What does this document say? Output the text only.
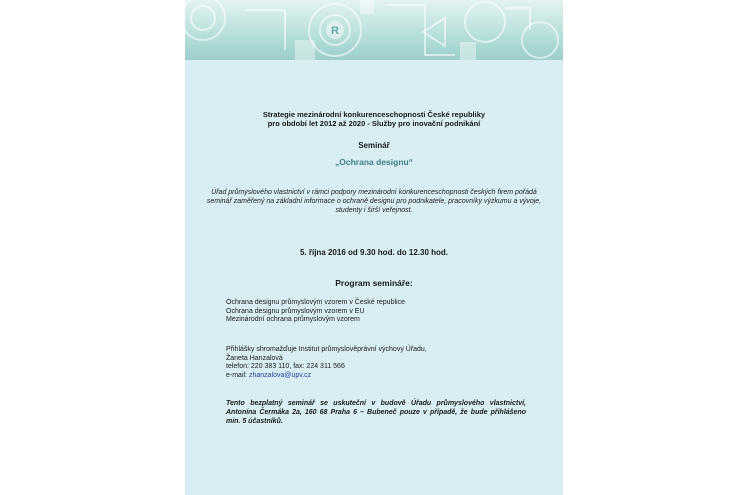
R
Strategie mezinárodní konkurenceschopnosti České republiky
pro období let 2012 až 2020 - Služby pro inovační podnikání
Seminář
„Ochrana designu“
Úřad průmyslového vlastnictví v rámci podpory mezinárodní konkurenceschopnosti českých firem pořádá seminář zaměřený na základní informace o ochraně designu pro podnikatele, pracovníky výzkumu a vývoje, studenty i širší veřejnost.
5. října 2016 od 9.30 hod. do 12.30 hod.
Program semináře:
Ochrana designu průmyslovým vzorem v České republice
Ochrana designu průmyslovým vzorem v EU
Mezinárodní ochrana průmyslovým vzorem
Přihlášky shromažďuje Institut průmyslověprávní výchovy Úřadu,
Žaneta Hanzalová
telefon: 220 383 110, fax: 224 311 566
e-mail: zhanzalova@upv.cz
Tento bezplatný seminář se uskuteční v budově Úřadu průmyslového vlastnictví, Antonína Čermáka 2a, 160 68 Praha 6 – Bubeneč pouze v případě, že bude přihlášeno min. 5 účastníků.
